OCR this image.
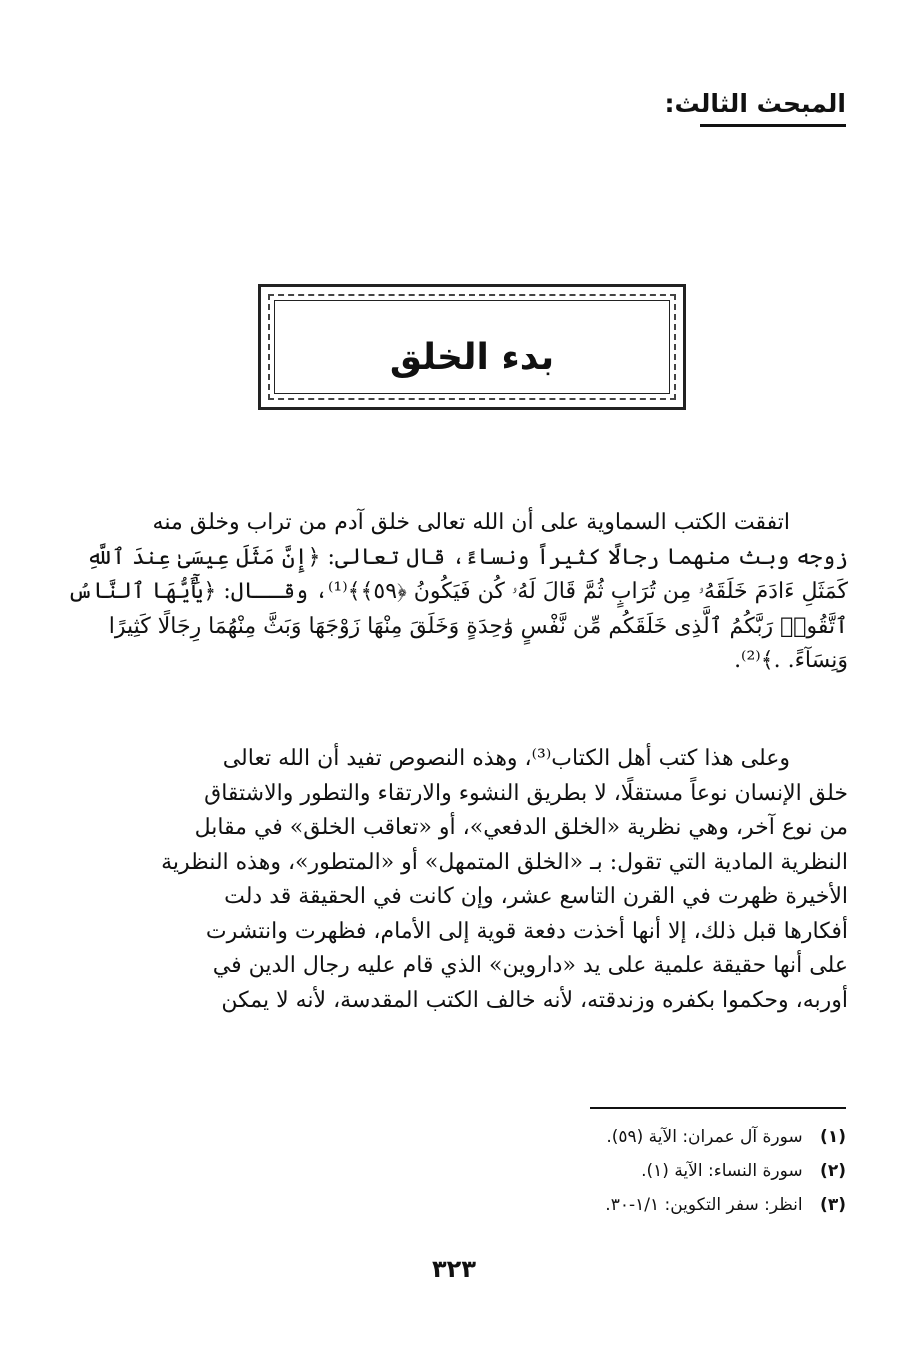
المبحث الثالث:
بدء الخلق
اتفقت الكتب السماوية على أن الله تعالى خلق آدم من تراب وخلق منه
زوجه وبث منهما رجالًا كثيراً ونساءً، قال تعالى: ﴿إِنَّ مَثَلَ عِيسَىٰ عِندَ ٱللَّهِ
كَمَثَلِ ءَادَمَ خَلَقَهُۥ مِن تُرَابٍ ثُمَّ قَالَ لَهُۥ كُن فَيَكُونُ ﴿٥٩﴾﴾⁽¹⁾، وقــال: ﴿يَٰٓأَيُّهَا ٱلنَّاسُ
ٱتَّقُوا۟ رَبَّكُمُ ٱلَّذِى خَلَقَكُم مِّن نَّفْسٍ وَٰحِدَةٍ وَخَلَقَ مِنْهَا زَوْجَهَا وَبَثَّ مِنْهُمَا رِجَالًا كَثِيرًا
وَنِسَآءً. .﴾⁽²⁾.
وعلى هذا كتب أهل الكتاب⁽³⁾، وهذه النصوص تفيد أن الله تعالى
خلق الإنسان نوعاً مستقلًا، لا بطريق النشوء والارتقاء والتطور والاشتقاق
من نوع آخر، وهي نظرية «الخلق الدفعي»، أو «تعاقب الخلق» في مقابل
النظرية المادية التي تقول: بـ «الخلق المتمهل» أو «المتطور»، وهذه النظرية
الأخيرة ظهرت في القرن التاسع عشر، وإن كانت في الحقيقة قد دلت
أفكارها قبل ذلك، إلا أنها أخذت دفعة قوية إلى الأمام، فظهرت وانتشرت
على أنها حقيقة علمية على يد «داروين» الذي قام عليه رجال الدين في
أوربه، وحكموا بكفره وزندقته، لأنه خالف الكتب المقدسة، لأنه لا يمكن
(١) سورة آل عمران: الآية (٥٩).
(٢) سورة النساء: الآية (١).
(٣) انظر: سفر التكوين: ١/١-٣٠.
٣٢٣
